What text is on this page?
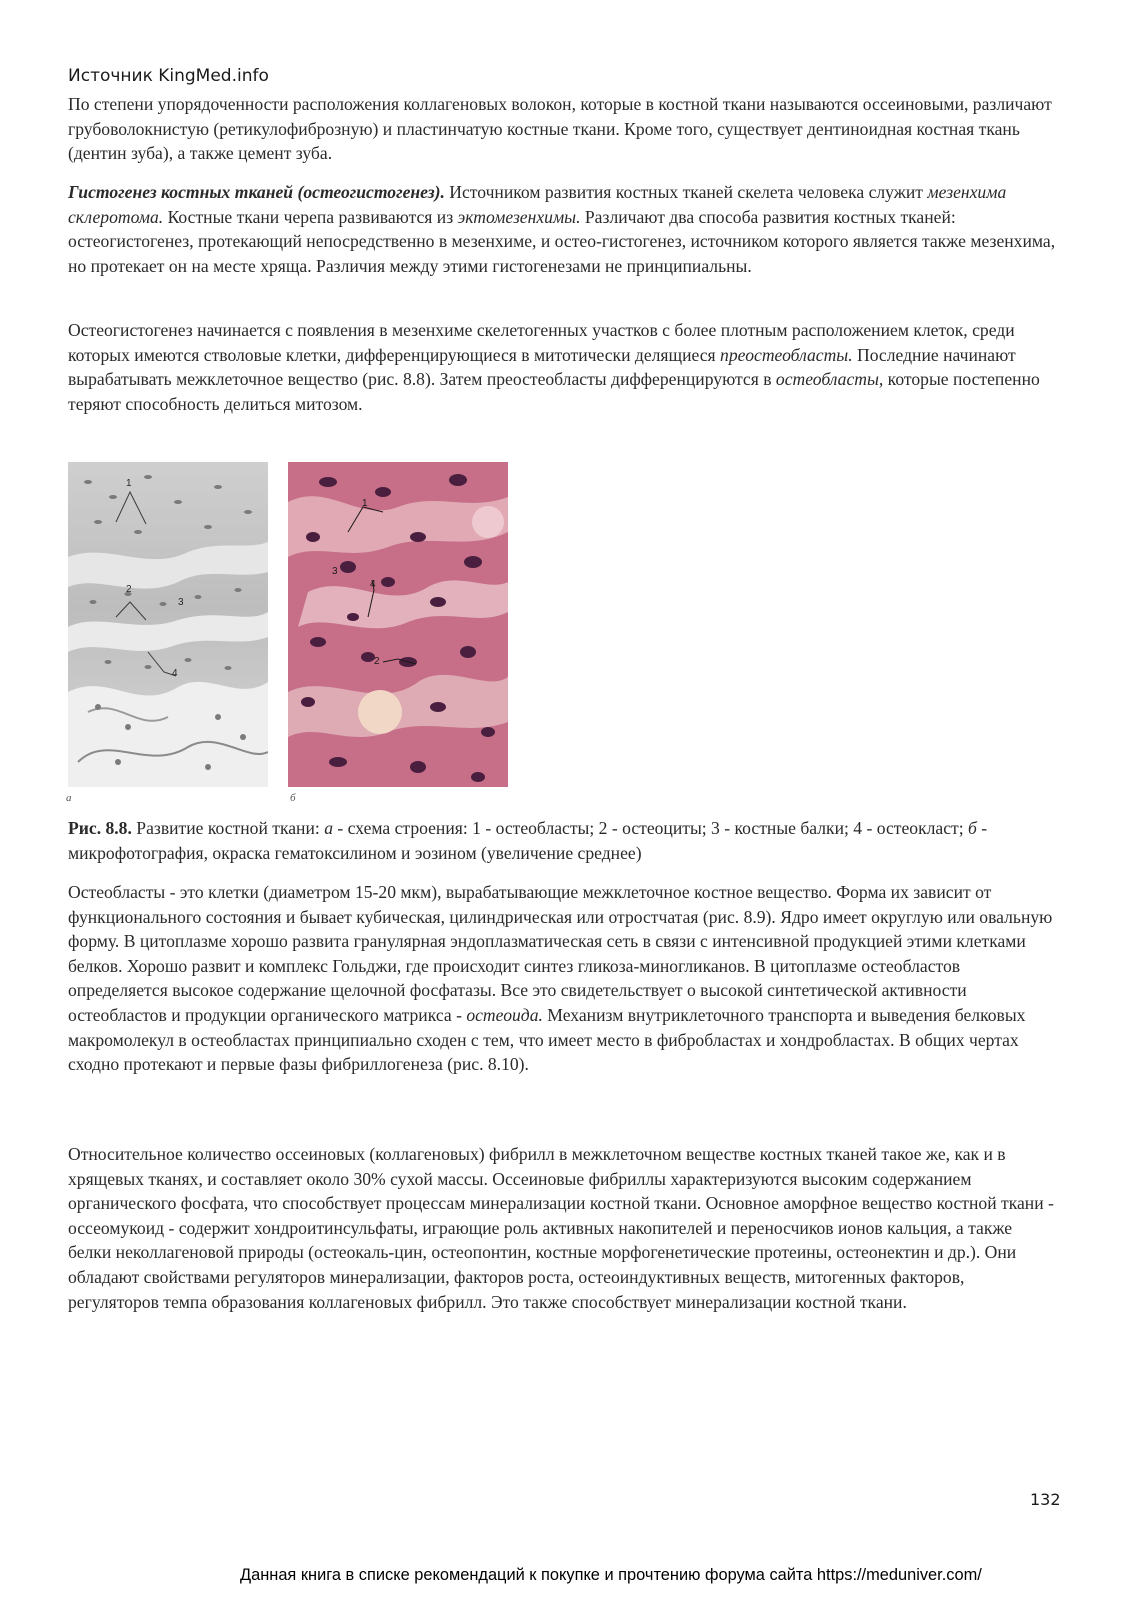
Источник KingMed.info

По степени упорядоченности расположения коллагеновых волокон, которые в костной ткани называются оссеиновыми, различают грубоволокнистую (ретикулофиброзную) и пластинчатую костные ткани. Кроме того, существует дентиноидная костная ткань (дентин зуба), а также цемент зуба.

Гистогенез костных тканей (остеогистогенез). Источником развития костных тканей скелета человека служит мезенхима склеротома. Костные ткани черепа развиваются из эктомезенхимы. Различают два способа развития костных тканей: остеогистогенез, протекающий непосредственно в мезенхиме, и остео-гистогенез, источником которого является также мезенхима, но протекает он на месте хряща. Различия между этими гистогенезами не принципиальны.

Остеогистогенез начинается с появления в мезенхиме скелетогенных участков с более плотным расположением клеток, среди которых имеются стволовые клетки, дифференцирующиеся в митотически делящиеся преостеобласты. Последние начинают вырабатывать межклеточное вещество (рис. 8.8). Затем преостеобласты дифференцируются в остеобласты, которые постепенно теряют способность делиться митозом.

1
2
3
4
а
1
2
3
4
б

Рис. 8.8. Развитие костной ткани: а - схема строения: 1 - остеобласты; 2 - остеоциты; 3 - костные балки; 4 - остеокласт; б - микрофотография, окраска гематоксилином и эозином (увеличение среднее)

Остеобласты - это клетки (диаметром 15-20 мкм), вырабатывающие межклеточное костное вещество. Форма их зависит от функционального состояния и бывает кубическая, цилиндрическая или отростчатая (рис. 8.9). Ядро имеет округлую или овальную форму. В цитоплазме хорошо развита гранулярная эндоплазматическая сеть в связи с интенсивной продукцией этими клетками белков. Хорошо развит и комплекс Гольджи, где происходит синтез гликоза-миногликанов. В цитоплазме остеобластов определяется высокое содержание щелочной фосфатазы. Все это свидетельствует о высокой синтетической активности остеобластов и продукции органического матрикса - остеоида. Механизм внутриклеточного транспорта и выведения белковых макромолекул в остеобластах принципиально сходен с тем, что имеет место в фибробластах и хондробластах. В общих чертах сходно протекают и первые фазы фибриллогенеза (рис. 8.10).

Относительное количество оссеиновых (коллагеновых) фибрилл в межклеточном веществе костных тканей такое же, как и в хрящевых тканях, и составляет около 30% сухой массы. Оссеиновые фибриллы характеризуются высоким содержанием органического фосфата, что способствует процессам минерализации костной ткани. Основное аморфное вещество костной ткани - оссеомукоид - содержит хондроитинсульфаты, играющие роль активных накопителей и переносчиков ионов кальция, а также белки неколлагеновой природы (остеокаль-цин, остеопонтин, костные морфогенетические протеины, остеонектин и др.). Они обладают свойствами регуляторов минерализации, факторов роста, остеоиндуктивных веществ, митогенных факторов, регуляторов темпа образования коллагеновых фибрилл. Это также способствует минерализации костной ткани.

132
Данная книга в списке рекомендаций к покупке и прочтению форума сайта https://meduniver.com/
